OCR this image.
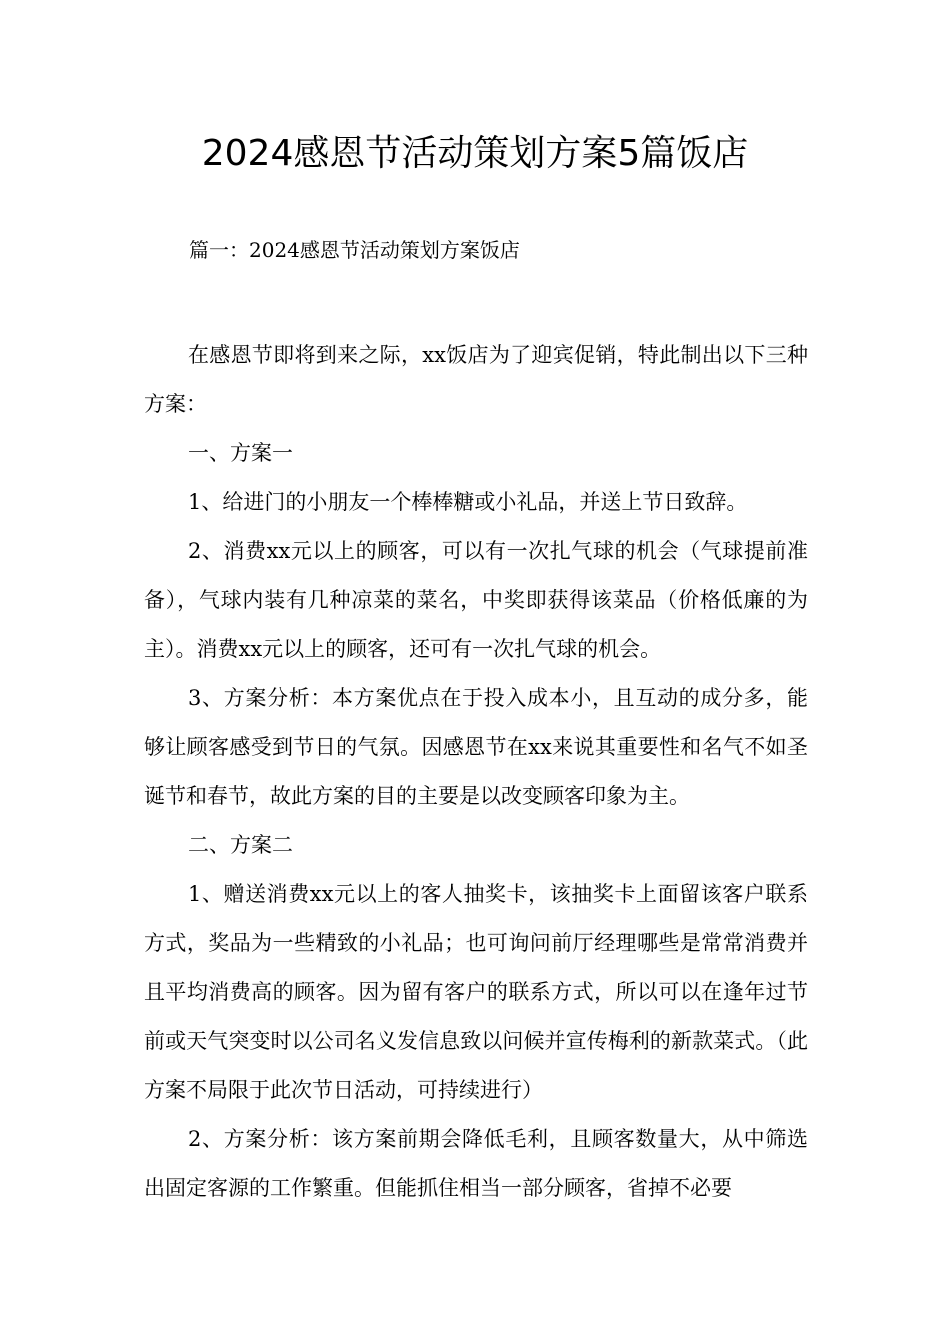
2024感恩节活动策划方案5篇饭店
篇一：2024感恩节活动策划方案饭店

在感恩节即将到来之际，xx饭店为了迎宾促销，特此制出以下三种方案：

一、方案一

1、给进门的小朋友一个棒棒糖或小礼品，并送上节日致辞。

2、消费xx元以上的顾客，可以有一次扎气球的机会（气球提前准备），气球内装有几种凉菜的菜名，中奖即获得该菜品（价格低廉的为主）。消费xx元以上的顾客，还可有一次扎气球的机会。

3、方案分析：本方案优点在于投入成本小，且互动的成分多，能够让顾客感受到节日的气氛。因感恩节在xx来说其重要性和名气不如圣诞节和春节，故此方案的目的主要是以改变顾客印象为主。

二、方案二

1、赠送消费xx元以上的客人抽奖卡，该抽奖卡上面留该客户联系方式，奖品为一些精致的小礼品；也可询问前厅经理哪些是常常消费并且平均消费高的顾客。因为留有客户的联系方式，所以可以在逢年过节前或天气突变时以公司名义发信息致以问候并宣传梅利的新款菜式。（此方案不局限于此次节日活动，可持续进行）

2、方案分析：该方案前期会降低毛利，且顾客数量大，从中筛选出固定客源的工作繁重。但能抓住相当一部分顾客，省掉不必要
